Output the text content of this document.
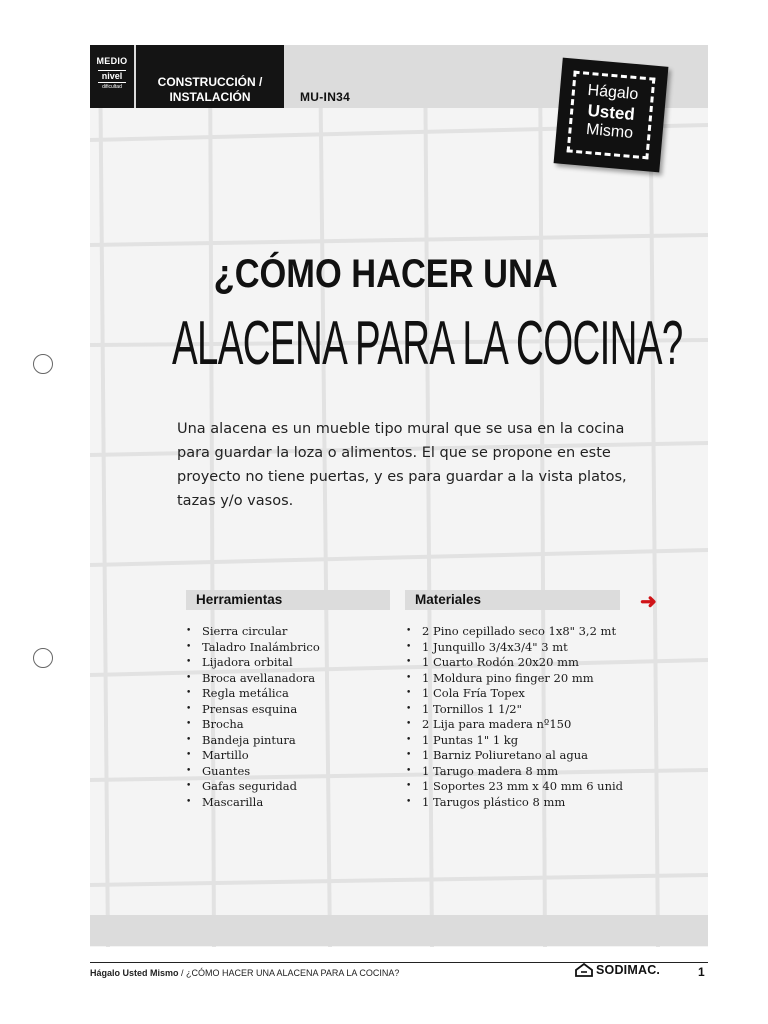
MEDIO
nivel
dificultad	CONSTRUCCIÓN /
INSTALACIÓN	MU-IN34	Hágalo
Usted
Mismo
¿CÓMO HACER UNA
ALACENA PARA LA COCINA?

Una alacena es un mueble tipo mural que se usa en la cocina para guardar la loza o alimentos. El que se propone en este proyecto no tiene puertas, y es para guardar a la vista platos, tazas y/o vasos.

Herramientas	Materiales	➜
• Sierra circular
• Taladro Inalámbrico
• Lijadora orbital
• Broca avellanadora
• Regla metálica
• Prensas esquina
• Brocha
• Bandeja pintura
• Martillo
• Guantes
• Gafas seguridad
• Mascarilla
• 2 Pino cepillado seco 1x8" 3,2 mt
• 1 Junquillo 3/4x3/4" 3 mt
• 1 Cuarto Rodón 20x20 mm
• 1 Moldura pino finger 20 mm
• 1 Cola Fría Topex
• 1 Tornillos 1 1/2"
• 2 Lija para madera nº150
• 1 Puntas 1" 1 kg
• 1 Barniz Poliuretano al agua
• 1 Tarugo madera 8 mm
• 1 Soportes 23 mm x 40 mm 6 unid
• 1 Tarugos plástico 8 mm
Hágalo Usted Mismo / ¿CÓMO HACER UNA ALACENA PARA LA COCINA?	SODIMAC.	1
